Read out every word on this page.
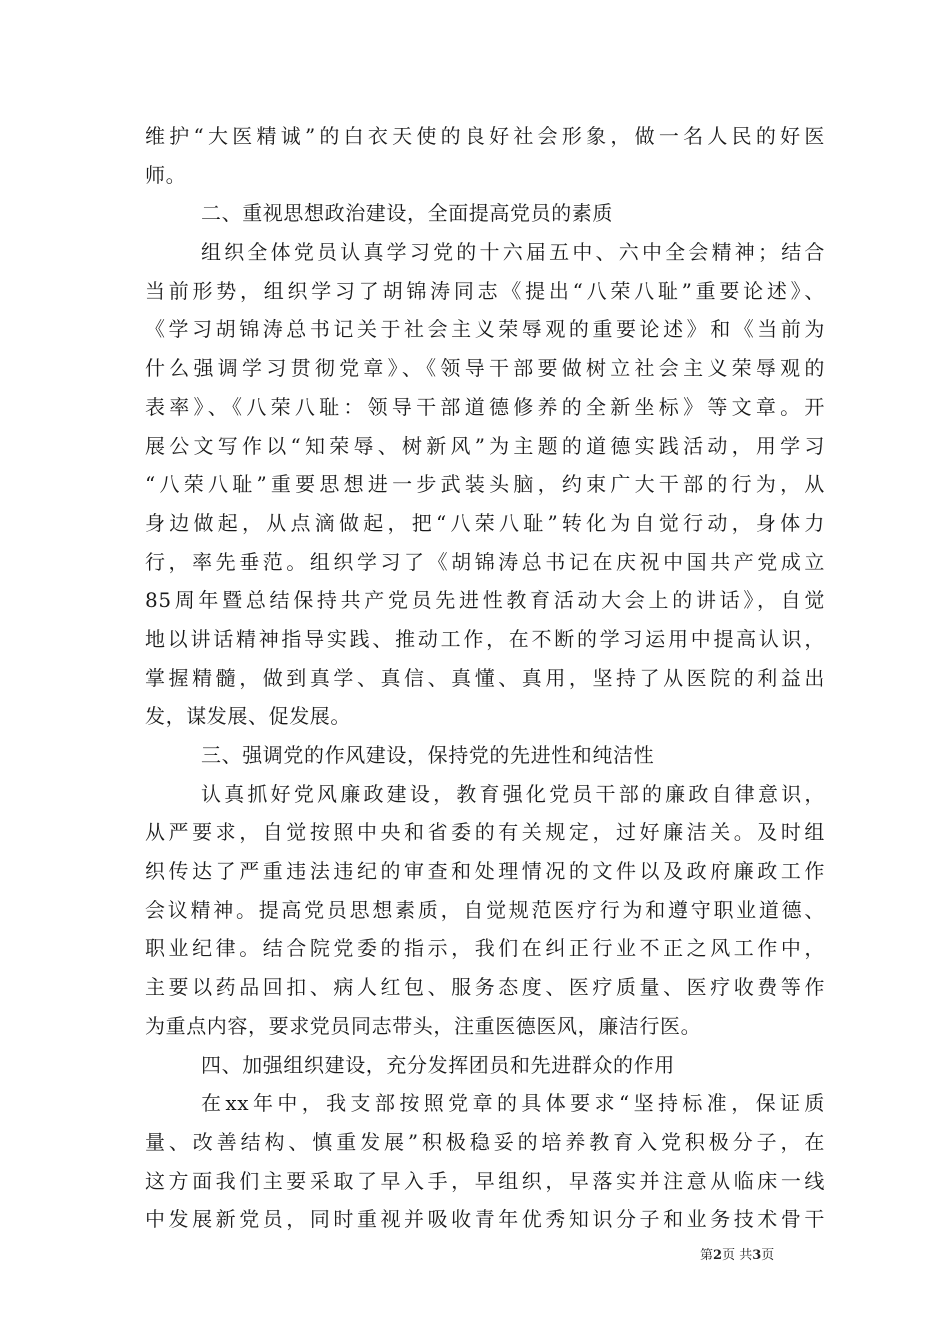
维护“大医精诚”的白衣天使的良好社会形象，做一名人民的好医
师。
二、重视思想政治建设，全面提高党员的素质
组织全体党员认真学习党的十六届五中、六中全会精神；结合
当前形势，组织学习了胡锦涛同志《提出“八荣八耻”重要论述》、
《学习胡锦涛总书记关于社会主义荣辱观的重要论述》和《当前为
什么强调学习贯彻党章》、《领导干部要做树立社会主义荣辱观的
表率》、《八荣八耻：领导干部道德修养的全新坐标》等文章。开
展公文写作以“知荣辱、树新风”为主题的道德实践活动，用学习
“八荣八耻”重要思想进一步武装头脑，约束广大干部的行为，从
身边做起，从点滴做起，把“八荣八耻”转化为自觉行动，身体力
行，率先垂范。组织学习了《胡锦涛总书记在庆祝中国共产党成立
85周年暨总结保持共产党员先进性教育活动大会上的讲话》，自觉
地以讲话精神指导实践、推动工作，在不断的学习运用中提高认识，
掌握精髓，做到真学、真信、真懂、真用，坚持了从医院的利益出
发，谋发展、促发展。
三、强调党的作风建设，保持党的先进性和纯洁性
认真抓好党风廉政建设，教育强化党员干部的廉政自律意识，
从严要求，自觉按照中央和省委的有关规定，过好廉洁关。及时组
织传达了严重违法违纪的审查和处理情况的文件以及政府廉政工作
会议精神。提高党员思想素质，自觉规范医疗行为和遵守职业道德、
职业纪律。结合院党委的指示，我们在纠正行业不正之风工作中，
主要以药品回扣、病人红包、服务态度、医疗质量、医疗收费等作
为重点内容，要求党员同志带头，注重医德医风，廉洁行医。
四、加强组织建设，充分发挥团员和先进群众的作用
在xx年中，我支部按照党章的具体要求“坚持标准，保证质
量、改善结构、慎重发展”积极稳妥的培养教育入党积极分子，在
这方面我们主要采取了早入手，早组织，早落实并注意从临床一线
中发展新党员，同时重视并吸收青年优秀知识分子和业务技术骨干
第2页 共3页
